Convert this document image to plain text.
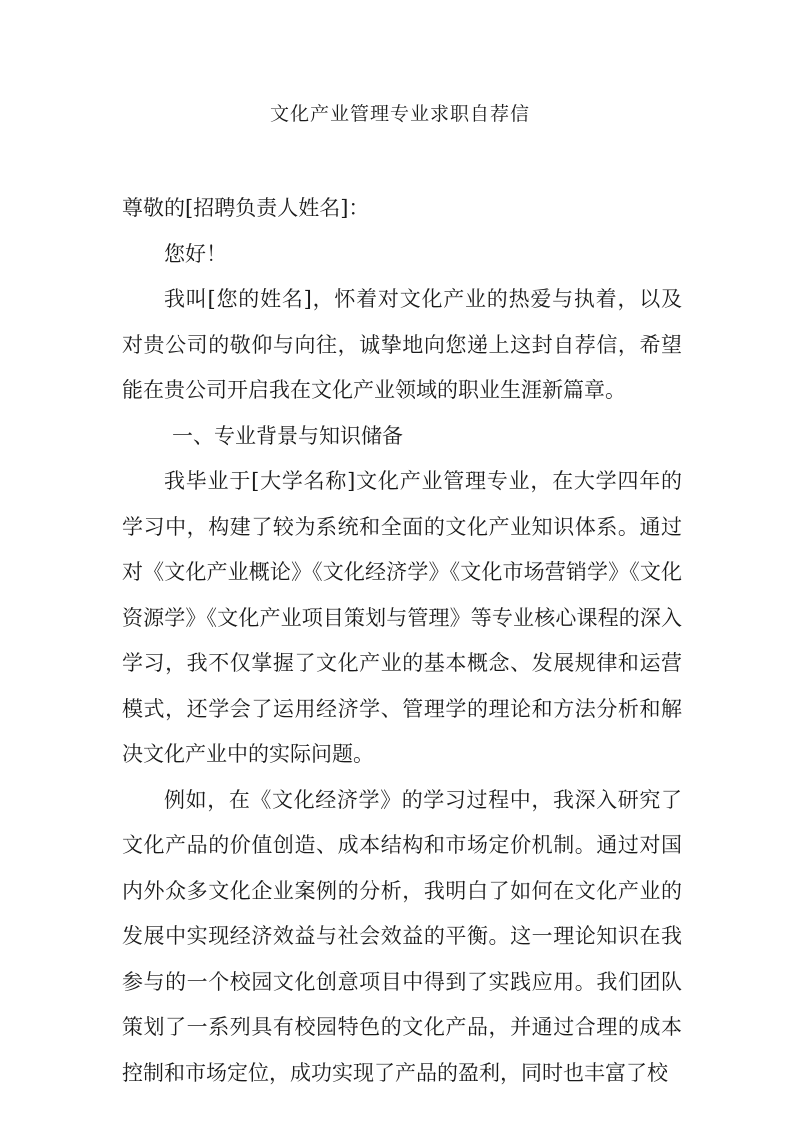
文化产业管理专业求职自荐信

尊敬的[招聘负责人姓名]：

您好！

我叫[您的姓名]，怀着对文化产业的热爱与执着，以及对贵公司的敬仰与向往，诚挚地向您递上这封自荐信，希望能在贵公司开启我在文化产业领域的职业生涯新篇章。

一、专业背景与知识储备

我毕业于[大学名称]文化产业管理专业，在大学四年的学习中，构建了较为系统和全面的文化产业知识体系。通过对《文化产业概论》《文化经济学》《文化市场营销学》《文化资源学》《文化产业项目策划与管理》等专业核心课程的深入学习，我不仅掌握了文化产业的基本概念、发展规律和运营模式，还学会了运用经济学、管理学的理论和方法分析和解决文化产业中的实际问题。

例如，在《文化经济学》的学习过程中，我深入研究了文化产品的价值创造、成本结构和市场定价机制。通过对国内外众多文化企业案例的分析，我明白了如何在文化产业的发展中实现经济效益与社会效益的平衡。这一理论知识在我参与的一个校园文化创意项目中得到了实践应用。我们团队策划了一系列具有校园特色的文化产品，并通过合理的成本控制和市场定位，成功实现了产品的盈利，同时也丰富了校
